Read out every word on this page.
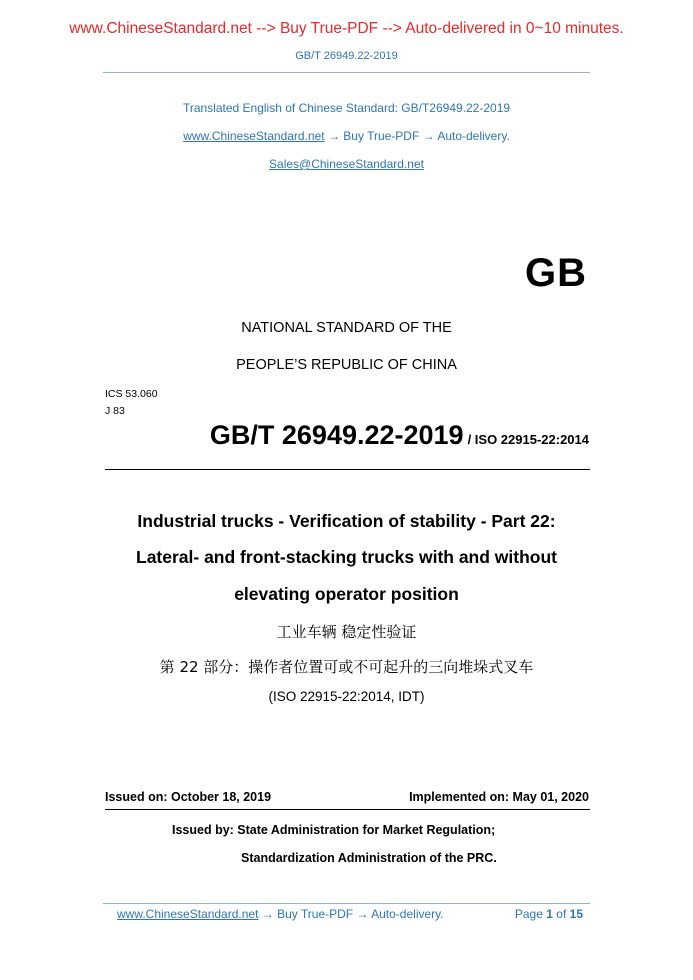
www.ChineseStandard.net --> Buy True-PDF --> Auto-delivered in 0~10 minutes.
GB/T 26949.22-2019
Translated English of Chinese Standard: GB/T26949.22-2019
www.ChineseStandard.net → Buy True-PDF → Auto-delivery.
Sales@ChineseStandard.net
GB
NATIONAL STANDARD OF THE
PEOPLE’S REPUBLIC OF CHINA
ICS 53.060
J 83
GB/T 26949.22-2019 / ISO 22915-22:2014
Industrial trucks - Verification of stability - Part 22:
Lateral- and front-stacking trucks with and without
elevating operator position
工业车辆 稳定性验证
第 22 部分：操作者位置可或不可起升的三向堆垛式叉车
(ISO 22915-22:2014, IDT)
Issued on: October 18, 2019	Implemented on: May 01, 2020
Issued by: State Administration for Market Regulation;
Standardization Administration of the PRC.
www.ChineseStandard.net → Buy True-PDF → Auto-delivery.	Page 1 of 15
